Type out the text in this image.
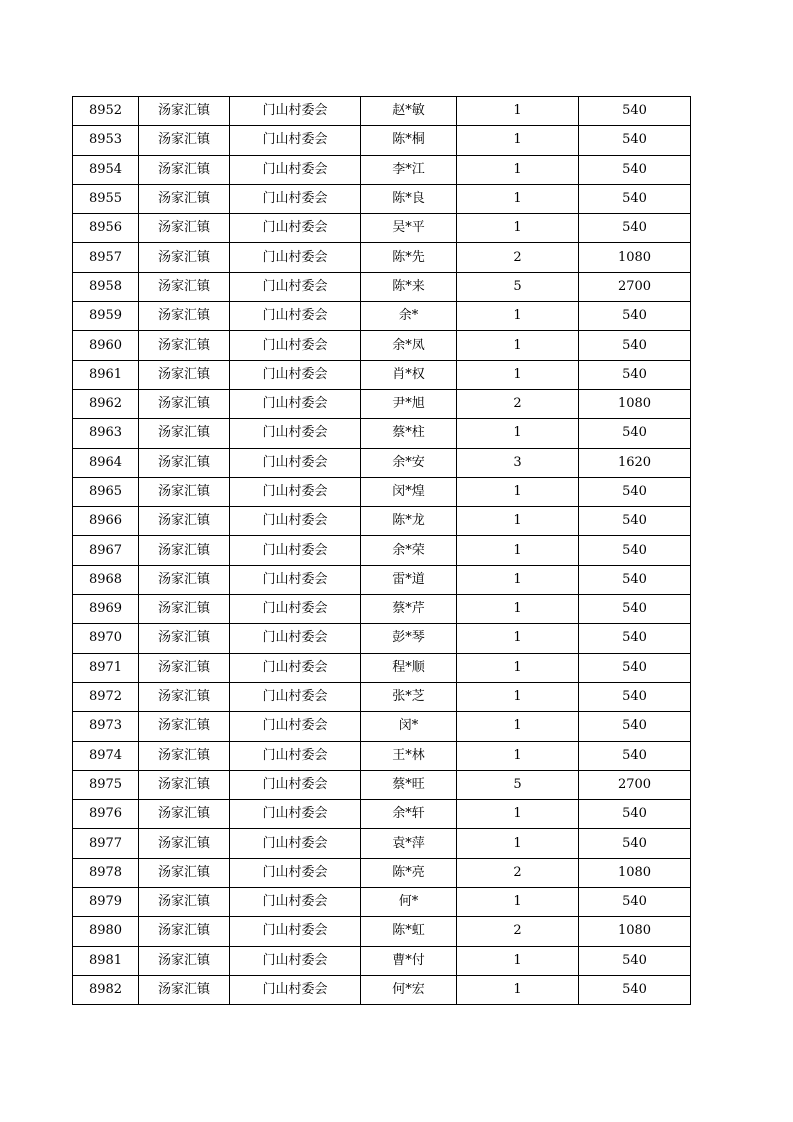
8952	汤家汇镇	门山村委会	赵*敏	1	540
8953	汤家汇镇	门山村委会	陈*桐	1	540
8954	汤家汇镇	门山村委会	李*江	1	540
8955	汤家汇镇	门山村委会	陈*良	1	540
8956	汤家汇镇	门山村委会	吴*平	1	540
8957	汤家汇镇	门山村委会	陈*先	2	1080
8958	汤家汇镇	门山村委会	陈*来	5	2700
8959	汤家汇镇	门山村委会	余*	1	540
8960	汤家汇镇	门山村委会	余*凤	1	540
8961	汤家汇镇	门山村委会	肖*权	1	540
8962	汤家汇镇	门山村委会	尹*旭	2	1080
8963	汤家汇镇	门山村委会	蔡*柱	1	540
8964	汤家汇镇	门山村委会	余*安	3	1620
8965	汤家汇镇	门山村委会	闵*煌	1	540
8966	汤家汇镇	门山村委会	陈*龙	1	540
8967	汤家汇镇	门山村委会	余*荣	1	540
8968	汤家汇镇	门山村委会	雷*道	1	540
8969	汤家汇镇	门山村委会	蔡*芹	1	540
8970	汤家汇镇	门山村委会	彭*琴	1	540
8971	汤家汇镇	门山村委会	程*顺	1	540
8972	汤家汇镇	门山村委会	张*芝	1	540
8973	汤家汇镇	门山村委会	闵*	1	540
8974	汤家汇镇	门山村委会	王*林	1	540
8975	汤家汇镇	门山村委会	蔡*旺	5	2700
8976	汤家汇镇	门山村委会	余*轩	1	540
8977	汤家汇镇	门山村委会	袁*萍	1	540
8978	汤家汇镇	门山村委会	陈*亮	2	1080
8979	汤家汇镇	门山村委会	何*	1	540
8980	汤家汇镇	门山村委会	陈*虹	2	1080
8981	汤家汇镇	门山村委会	曹*付	1	540
8982	汤家汇镇	门山村委会	何*宏	1	540
